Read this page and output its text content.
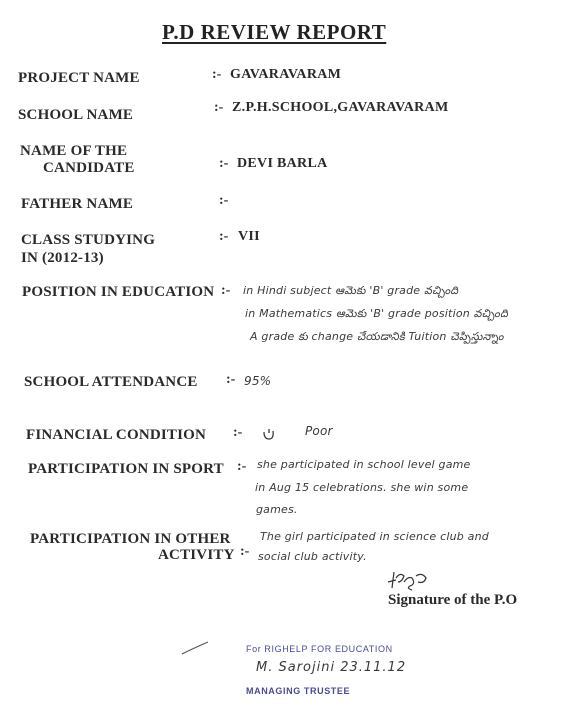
P.D REVIEW REPORT
PROJECT NAME	:- GAVARAVARAM
SCHOOL NAME	:- Z.P.H.SCHOOL,GAVARAVARAM
NAME OF THE
CANDIDATE	:- DEVI BARLA
FATHER NAME	:-
CLASS STUDYING
IN (2012-13)
:- VII
POSITION IN EDUCATION :- in Hindi subject ఆమెకు 'B' grade వచ్చింది
in Mathematics ఆమెకు 'B' grade position వచ్చింది
A grade కు change చేయడానికి Tuition చెప్పిస్తున్నాం
SCHOOL ATTENDANCE :- 95%
FINANCIAL CONDITION :-	Poor
PARTICIPATION IN SPORT :- she participated in school level game
in Aug 15 celebrations. she win some
games.
PARTICIPATION IN OTHER
ACTIVITY :-
The girl participated in science club and
social club activity.
Signature of the P.O
For RIGHELP FOR EDUCATION
M. Sarojini 23.11.12
MANAGING TRUSTEE
